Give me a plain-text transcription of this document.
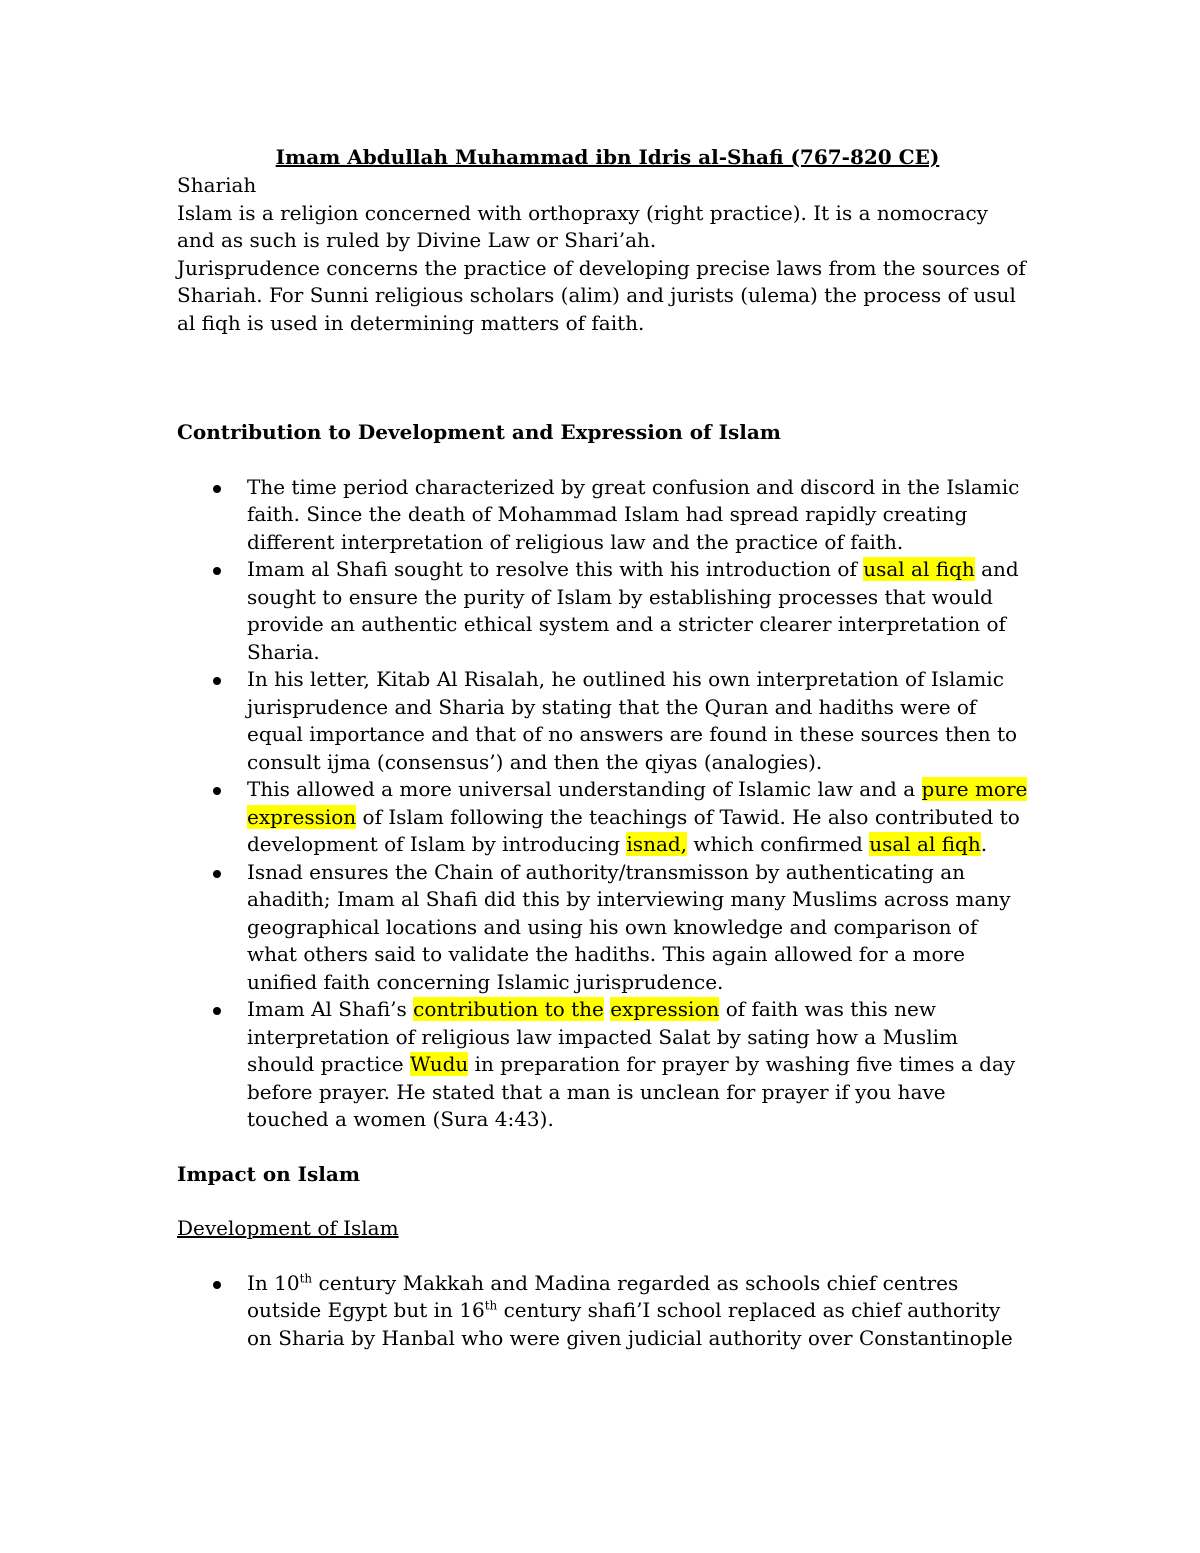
Imam Abdullah Muhammad ibn Idris al-Shafi (767-820 CE)

Shariah

Islam is a religion concerned with orthopraxy (right practice). It is a nomocracy and as such is ruled by Divine Law or Shari’ah.

Jurisprudence concerns the practice of developing precise laws from the sources of Shariah. For Sunni religious scholars (alim) and jurists (ulema) the process of usul al fiqh is used in determining matters of faith.

Contribution to Development and Expression of Islam

The time period characterized by great confusion and discord in the Islamic faith. Since the death of Mohammad Islam had spread rapidly creating different interpretation of religious law and the practice of faith.
Imam al Shafi sought to resolve this with his introduction of usal al fiqh and sought to ensure the purity of Islam by establishing processes that would provide an authentic ethical system and a stricter clearer interpretation of Sharia.
In his letter, Kitab Al Risalah, he outlined his own interpretation of Islamic jurisprudence and Sharia by stating that the Quran and hadiths were of equal importance and that of no answers are found in these sources then to consult ijma (consensus’) and then the qiyas (analogies).
This allowed a more universal understanding of Islamic law and a pure more expression of Islam following the teachings of Tawid. He also contributed to development of Islam by introducing isnad, which confirmed usal al fiqh.
Isnad ensures the Chain of authority/transmisson by authenticating an ahadith; Imam al Shafi did this by interviewing many Muslims across many geographical locations and using his own knowledge and comparison of what others said to validate the hadiths. This again allowed for a more unified faith concerning Islamic jurisprudence.
Imam Al Shafi’s contribution to the expression of faith was this new interpretation of religious law impacted Salat by sating how a Muslim should practice Wudu in preparation for prayer by washing five times a day before prayer. He stated that a man is unclean for prayer if you have touched a women (Sura 4:43).

Impact on Islam

Development of Islam

In 10th century Makkah and Madina regarded as schools chief centres outside Egypt but in 16th century shafi’I school replaced as chief authority on Sharia by Hanbal who were given judicial authority over Constantinople
